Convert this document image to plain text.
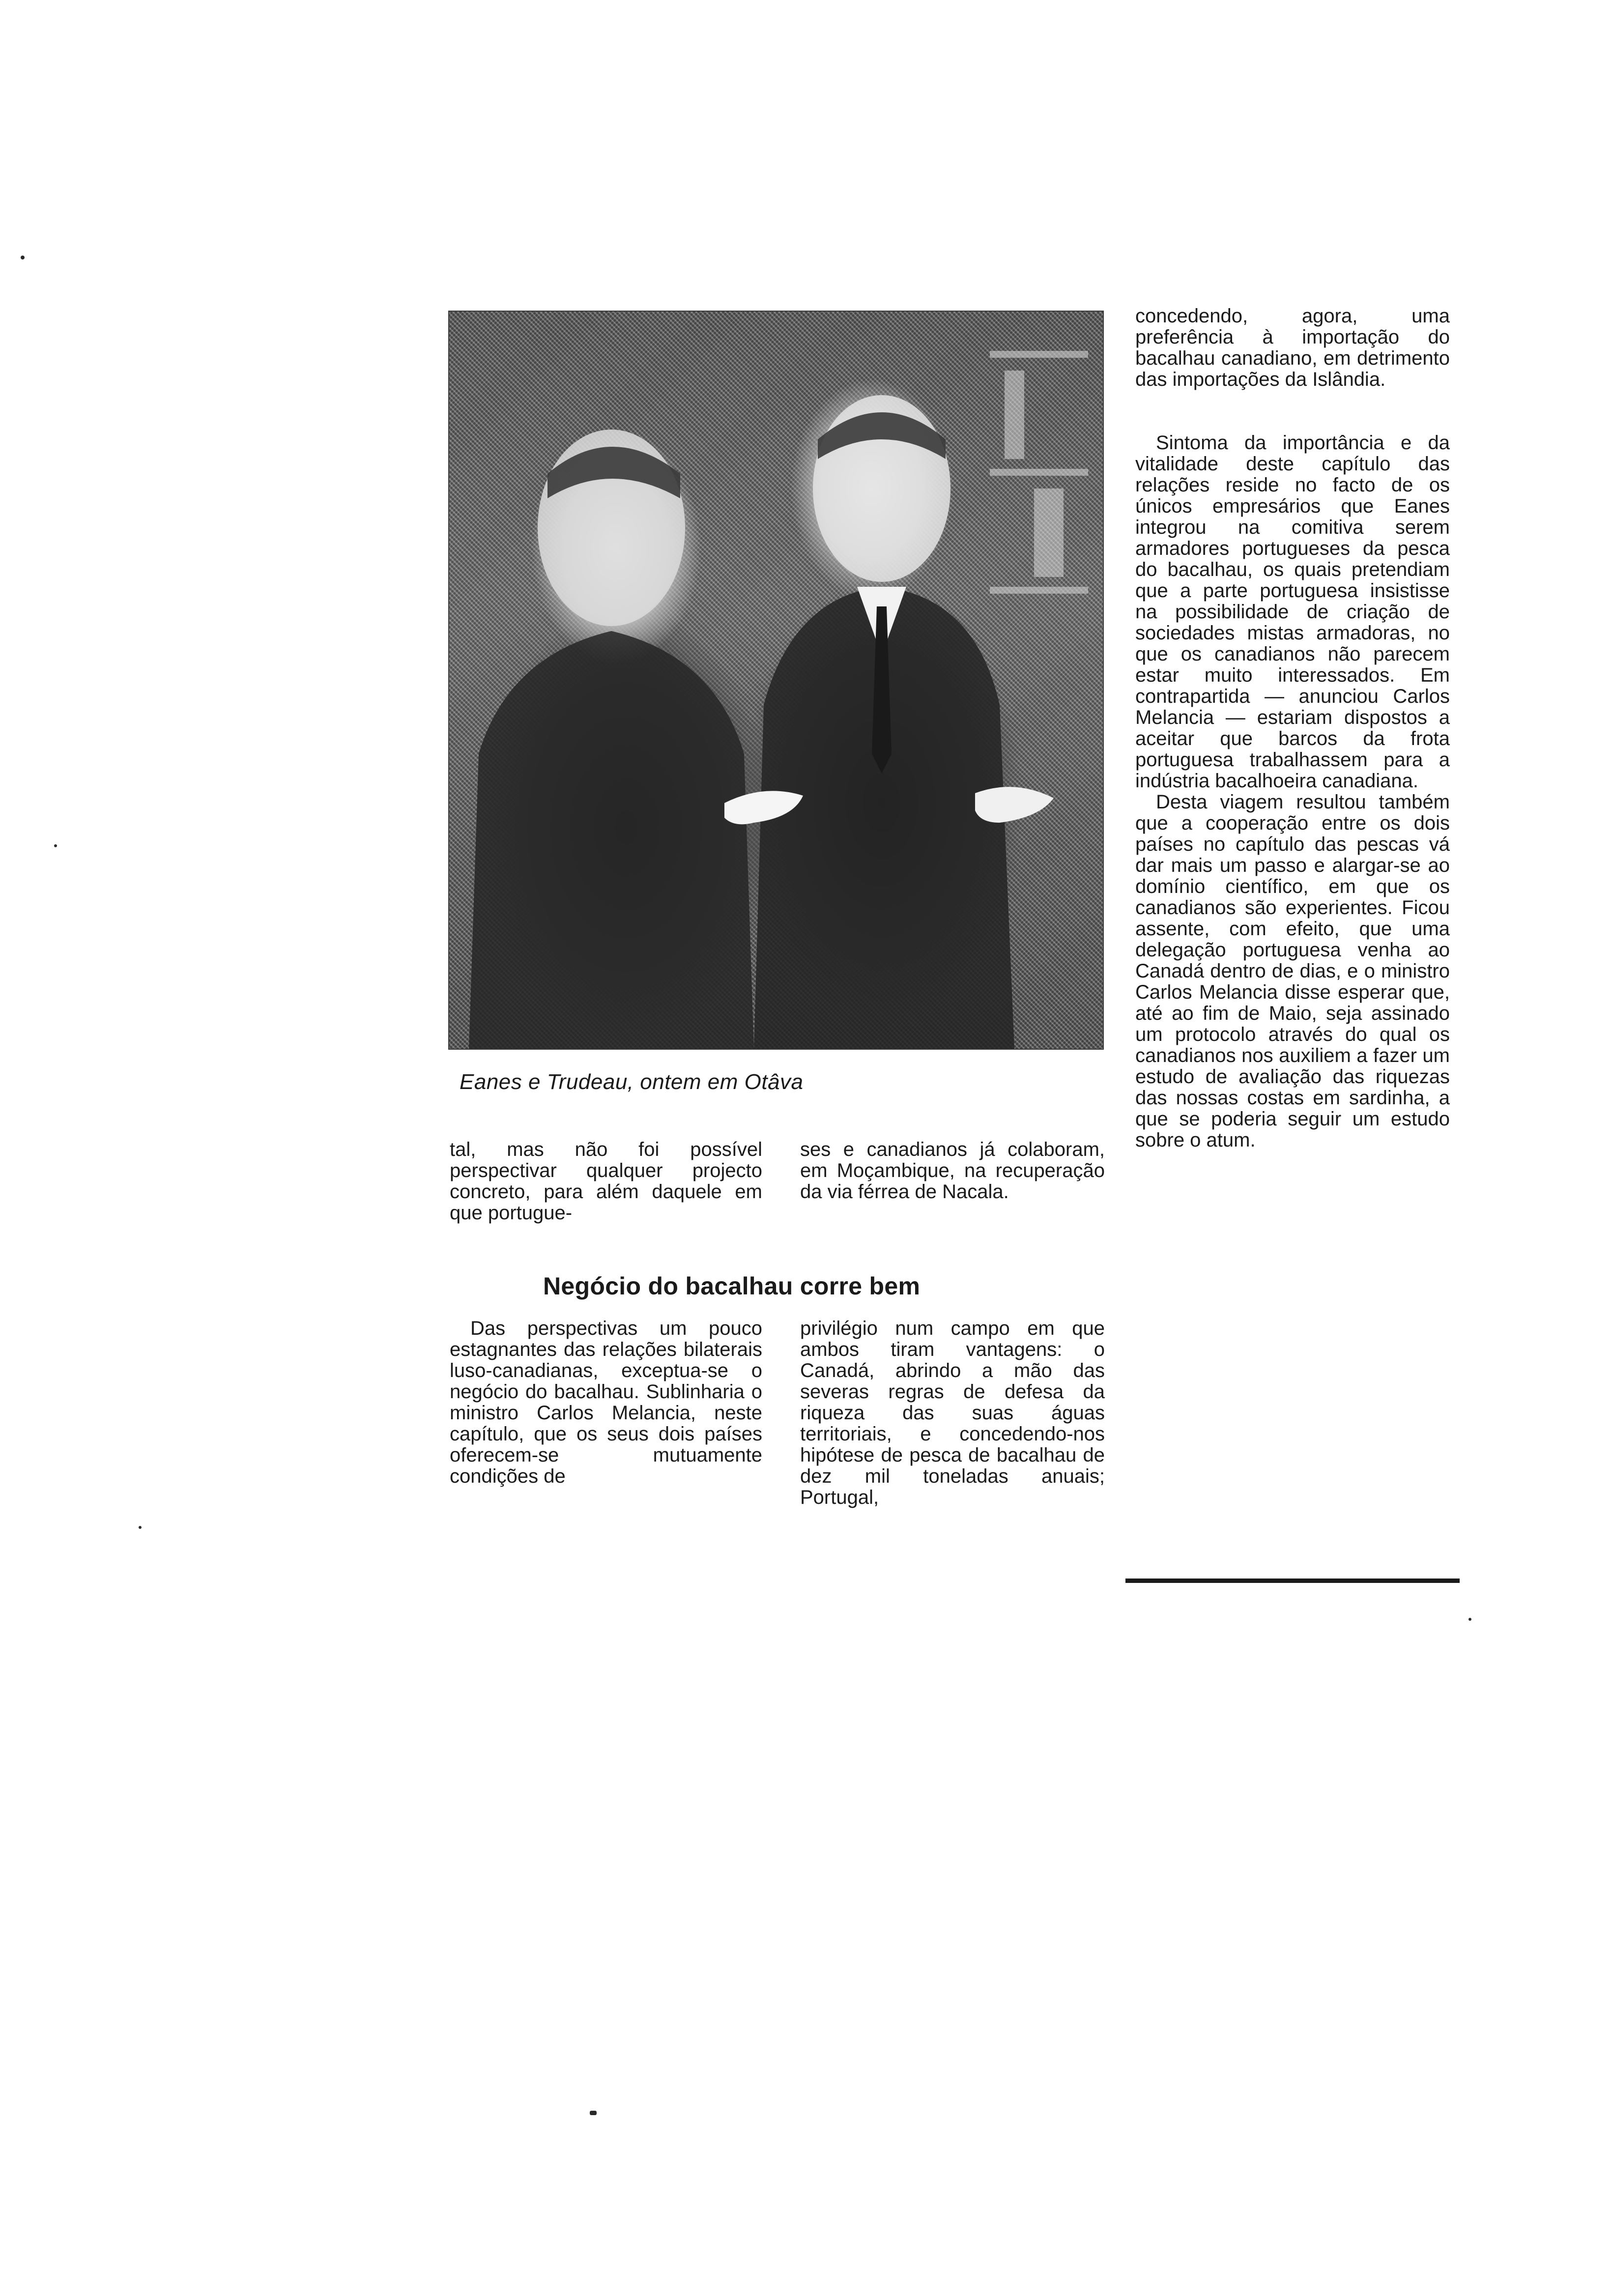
Eanes e Trudeau, ontem em Otâva

tal, mas não foi possível perspectivar qualquer projecto concreto, para além daquele em que portugue-

ses e canadianos já colaboram, em Moçambique, na recuperação da via férrea de Nacala.

Negócio do bacalhau corre bem

Das perspectivas um pouco estagnantes das relações bilaterais luso-canadianas, exceptua-se o negócio do bacalhau. Sublinharia o ministro Carlos Melancia, neste capítulo, que os seus dois países oferecem-se mutuamente condições de

privilégio num campo em que ambos tiram vantagens: o Canadá, abrindo a mão das severas regras de defesa da riqueza das suas águas territoriais, e concedendo-nos hipótese de pesca de bacalhau de dez mil toneladas anuais; Portugal,

concedendo, agora, uma preferência à importação do bacalhau canadiano, em detrimento das importações da Islândia.

Sintoma da importância e da vitalidade deste capítulo das relações reside no facto de os únicos empresários que Eanes integrou na comitiva serem armadores portugueses da pesca do bacalhau, os quais pretendiam que a parte portuguesa insistisse na possibilidade de criação de sociedades mistas armadoras, no que os canadianos não parecem estar muito interessados. Em contrapartida — anunciou Carlos Melancia — estariam dispostos a aceitar que barcos da frota portuguesa trabalhassem para a indústria bacalhoeira canadiana.

Desta viagem resultou também que a cooperação entre os dois países no capítulo das pescas vá dar mais um passo e alargar-se ao domínio científico, em que os canadianos são experientes. Ficou assente, com efeito, que uma delegação portuguesa venha ao Canadá dentro de dias, e o ministro Carlos Melancia disse esperar que, até ao fim de Maio, seja assinado um protocolo através do qual os canadianos nos auxiliem a fazer um estudo de avaliação das riquezas das nossas costas em sardinha, a que se poderia seguir um estudo sobre o atum.
